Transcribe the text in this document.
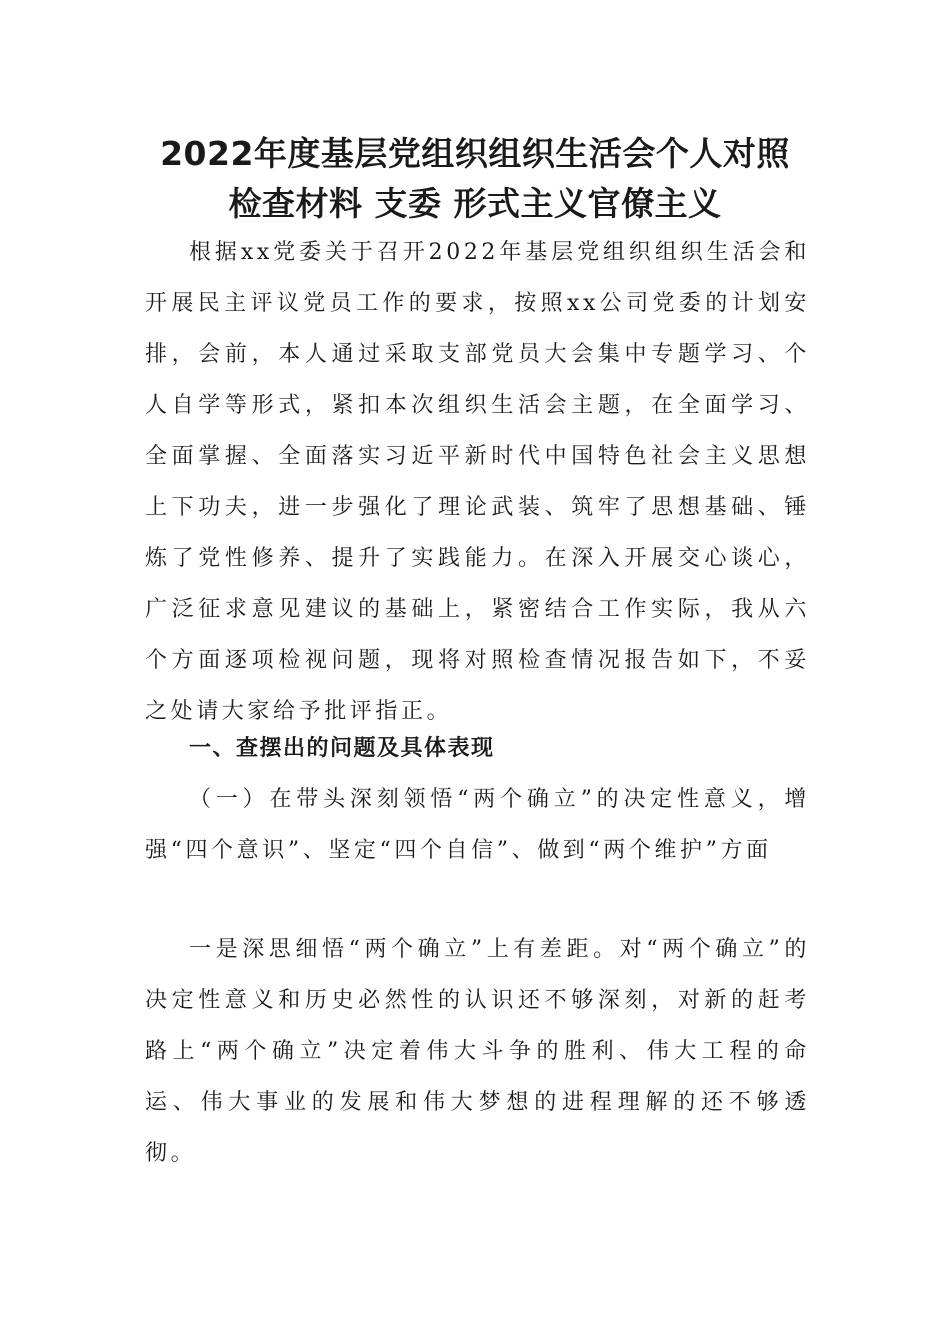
2022年度基层党组织组织生活会个人对照
检查材料 支委 形式主义官僚主义

根据xx党委关于召开2022年基层党组织组织生活会和开展民主评议党员工作的要求，按照xx公司党委的计划安排，会前，本人通过采取支部党员大会集中专题学习、个人自学等形式，紧扣本次组织生活会主题，在全面学习、全面掌握、全面落实习近平新时代中国特色社会主义思想上下功夫，进一步强化了理论武装、筑牢了思想基础、锤炼了党性修养、提升了实践能力。在深入开展交心谈心，广泛征求意见建议的基础上，紧密结合工作实际，我从六个方面逐项检视问题，现将对照检查情况报告如下，不妥之处请大家给予批评指正。

一、查摆出的问题及具体表现

（一）在带头深刻领悟“两个确立”的决定性意义，增强“四个意识”、坚定“四个自信”、做到“两个维护”方面

一是深思细悟“两个确立”上有差距。对“两个确立”的决定性意义和历史必然性的认识还不够深刻，对新的赶考路上“两个确立”决定着伟大斗争的胜利、伟大工程的命运、伟大事业的发展和伟大梦想的进程理解的还不够透彻。
